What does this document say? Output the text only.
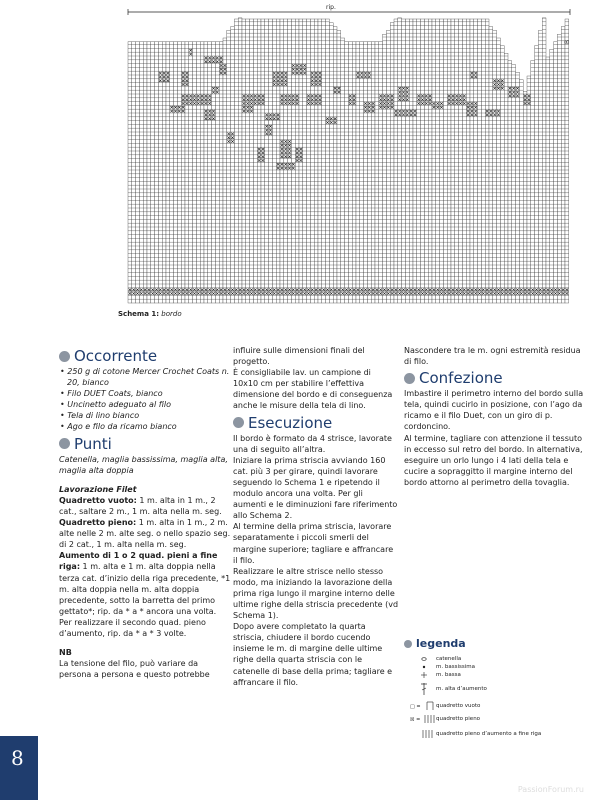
rip.
B
Schema 1: bordo
Occorrente
• 250 g di cotone Mercer Crochet Coats n. 20, bianco
• Filo DUET Coats, bianco
• Uncinetto adeguato al filo
• Tela di lino bianco
• Ago e filo da ricamo bianco
Punti

Catenella, maglia bassissima, maglia alta, maglia alta doppia

Lavorazione Filet

Quadretto vuoto: 1 m. alta in 1 m., 2 cat., saltare 2 m., 1 m. alta nella m. seg.

Quadretto pieno: 1 m. alta in 1 m., 2 m. alte nelle 2 m. alte seg. o nello spazio seg. di 2 cat., 1 m. alta nella m. seg.

Aumento di 1 o 2 quad. pieni a fine riga: 1 m. alta e 1 m. alta doppia nella terza cat. d’inizio della riga precedente, *1 m. alta doppia nella m. alta doppia precedente, sotto la barretta del primo gettato*; rip. da * a * ancora una volta.

Per realizzare il secondo quad. pieno d’aumento, rip. da * a * 3 volte.

NB

La tensione del filo, può variare da persona a persona e questo potrebbe

influire sulle dimensioni finali del progetto.

È consigliabile lav. un campione di 10x10 cm per stabilire l’effettiva dimensione del bordo e di conseguenza anche le misure della tela di lino.

Esecuzione

Il bordo è formato da 4 strisce, lavorate una di seguito all’altra.

Iniziare la prima striscia avviando 160 cat. più 3 per girare, quindi lavorare seguendo lo Schema 1 e ripetendo il modulo ancora una volta. Per gli aumenti e le diminuzioni fare riferimento allo Schema 2.

Al termine della prima striscia, lavorare separatamente i piccoli smerli del margine superiore; tagliare e affrancare il filo.

Realizzare le altre strisce nello stesso modo, ma iniziando la lavorazione della prima riga lungo il margine interno delle ultime righe della striscia precedente (vd Schema 1).

Dopo avere completato la quarta striscia, chiudere il bordo cucendo insieme le m. di margine delle ultime righe della quarta striscia con le catenelle di base della prima; tagliare e affrancare il filo.

Nascondere tra le m. ogni estremità residua di filo.

Confezione

Imbastire il perimetro interno del bordo sulla tela, quindi cucirlo in posizione, con l’ago da ricamo e il filo Duet, con un giro di p. cordoncino.

Al termine, tagliare con attenzione il tessuto in eccesso sul retro del bordo. In alternativa, eseguire un orlo lungo i 4 lati della tela e cucire a sopraggitto il margine interno del bordo attorno al perimetro della tovaglia.

legenda
catenella
m. bassissima
m. bassa
m. alta d’aumento
□ =	quadretto vuoto
☒ =	quadretto pieno
quadretto pieno d’aumento a fine riga
8
PassionForum.ru
